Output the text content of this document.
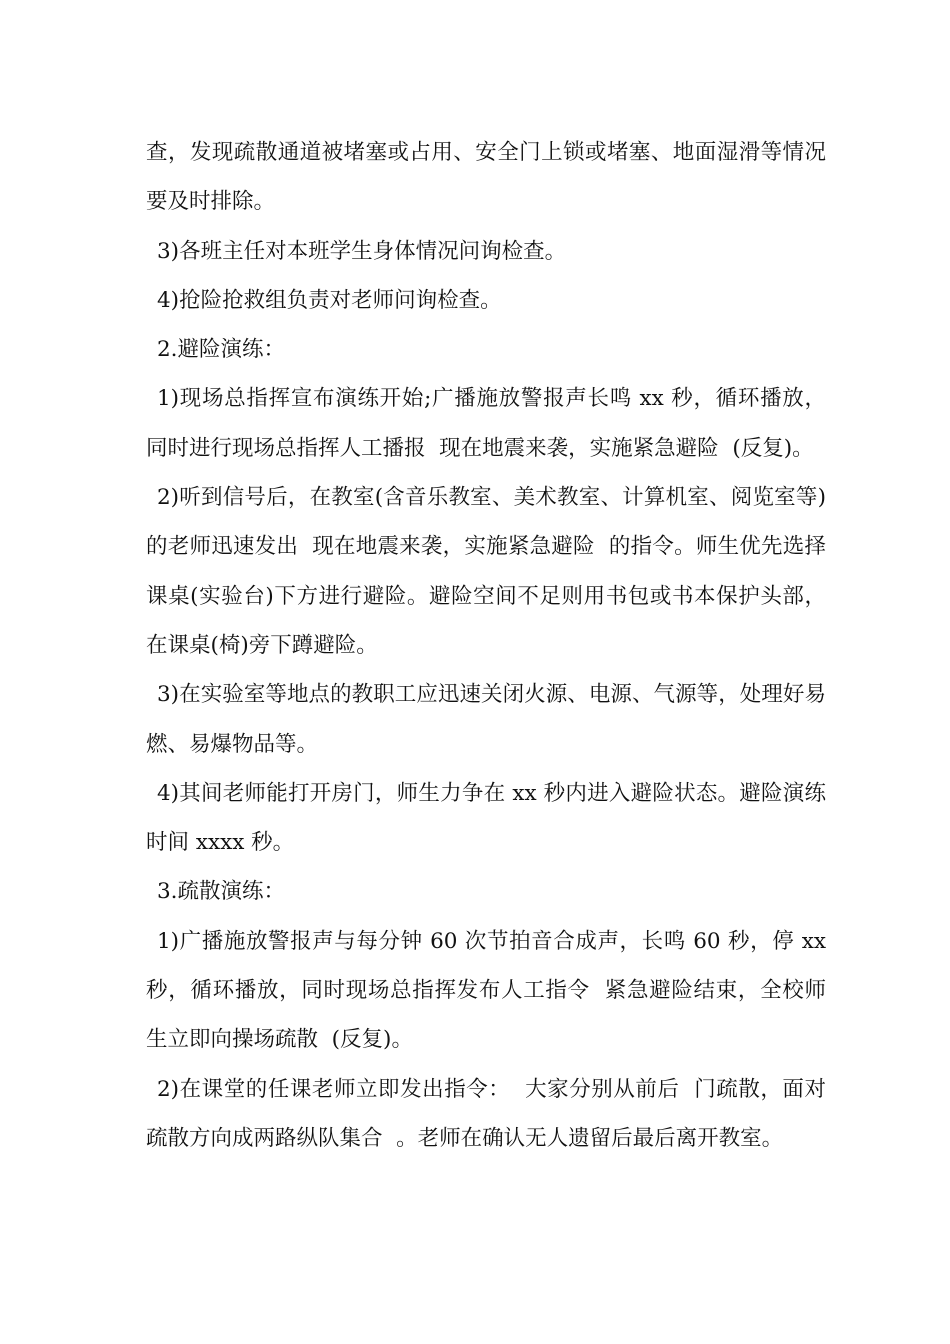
查，发现疏散通道被堵塞或占用、安全门上锁或堵塞、地面湿滑等情况要及时排除。

3)各班主任对本班学生身体情况问询检查。

4)抢险抢救组负责对老师问询检查。

2.避险演练：

1)现场总指挥宣布演练开始;广播施放警报声长鸣 xx 秒，循环播放，同时进行现场总指挥人工播报  现在地震来袭，实施紧急避险  (反复)。

2)听到信号后，在教室(含音乐教室、美术教室、计算机室、阅览室等)的老师迅速发出  现在地震来袭，实施紧急避险  的指令。师生优先选择课桌(实验台)下方进行避险。避险空间不足则用书包或书本保护头部，在课桌(椅)旁下蹲避险。

3)在实验室等地点的教职工应迅速关闭火源、电源、气源等，处理好易燃、易爆物品等。

4)其间老师能打开房门，师生力争在 xx 秒内进入避险状态。避险演练时间 xxxx 秒。

3.疏散演练：

1)广播施放警报声与每分钟 60 次节拍音合成声，长鸣 60 秒，停 xx 秒，循环播放，同时现场总指挥发布人工指令  紧急避险结束，全校师生立即向操场疏散  (反复)。

2)在课堂的任课老师立即发出指令：  大家分别从前后  门疏散，面对疏散方向成两路纵队集合  。老师在确认无人遗留后最后离开教室。
